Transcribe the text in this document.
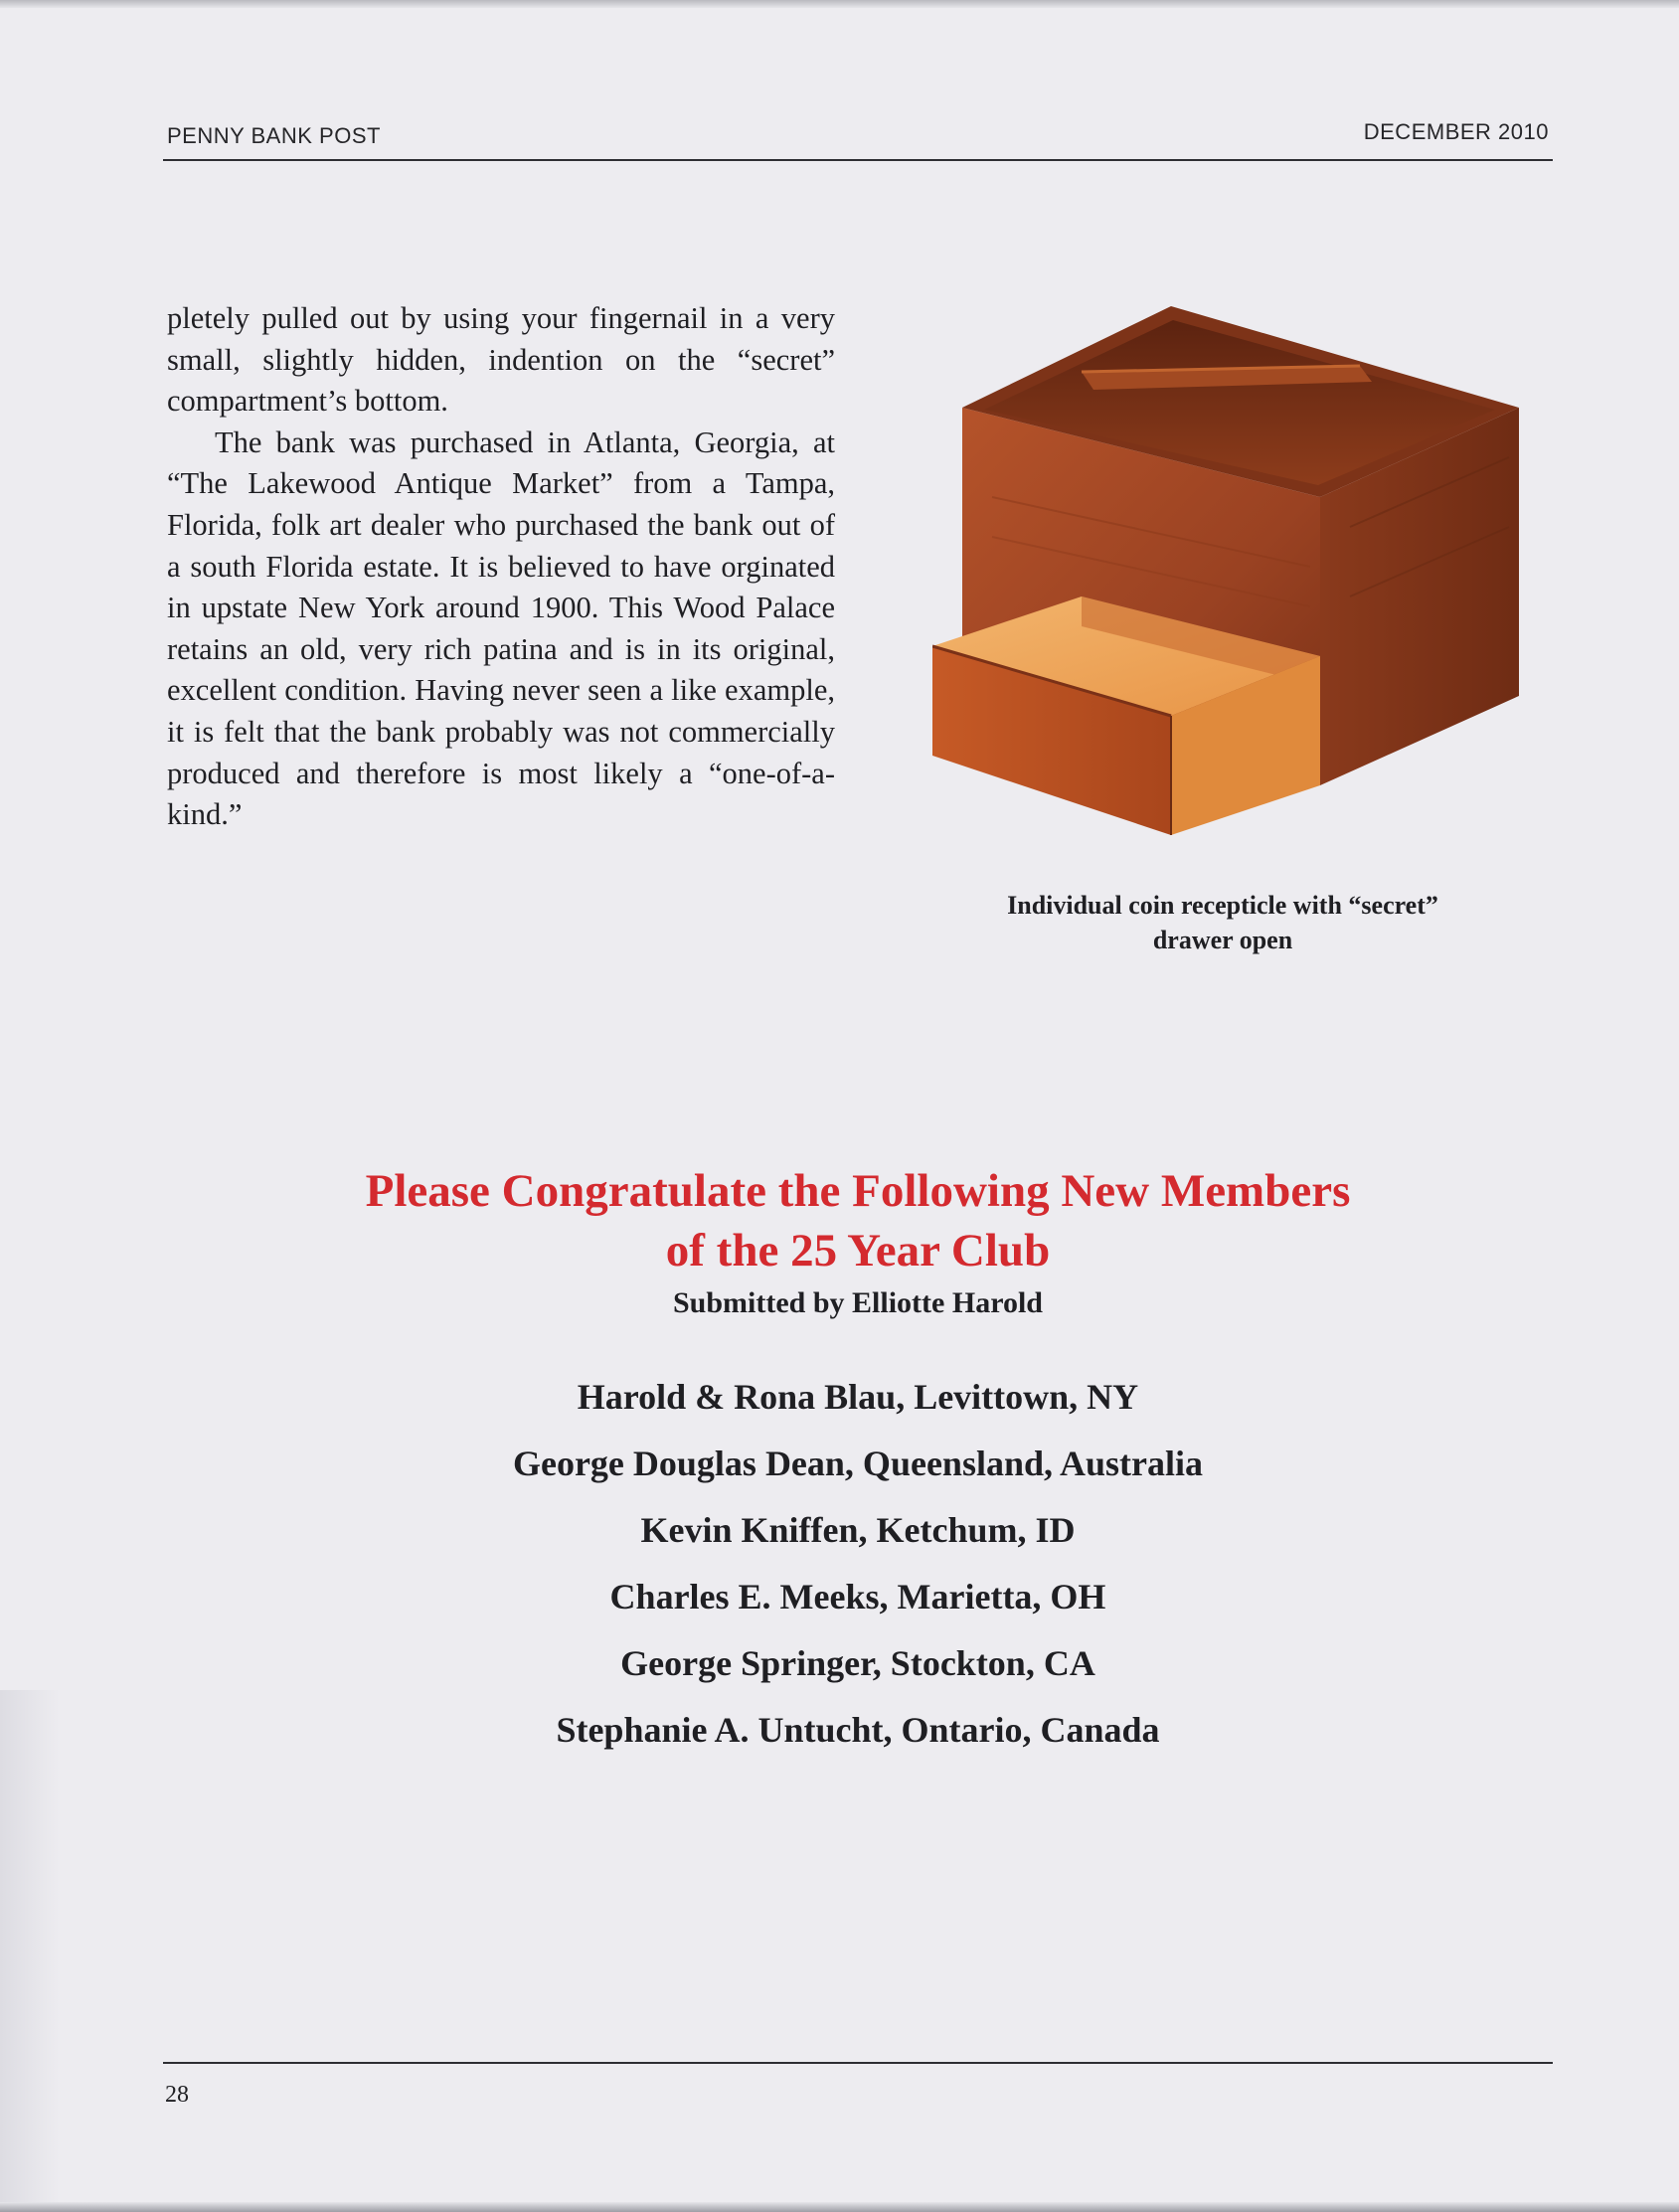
PENNY BANK POST	DECEMBER 2010

pletely pulled out by using your fingernail in a very small, slightly hidden, indention on the “secret” compartment’s bottom.

The bank was purchased in Atlanta, Georgia, at “The Lakewood Antique Market” from a Tampa, Florida, folk art dealer who purchased the bank out of a south Florida estate. It is believed to have orginated in upstate New York around 1900. This Wood Palace retains an old, very rich patina and is in its original, excellent condition. Having never seen a like example, it is felt that the bank probably was not commercially produced and therefore is most likely a “one-of-a-kind.”

Individual coin recepticle with “secret”
drawer open
Please Congratulate the Following New Members
of the 25 Year Club
Submitted by Elliotte Harold
Harold & Rona Blau, Levittown, NY
George Douglas Dean, Queensland, Australia
Kevin Kniffen, Ketchum, ID
Charles E. Meeks, Marietta, OH
George Springer, Stockton, CA
Stephanie A. Untucht, Ontario, Canada
28
